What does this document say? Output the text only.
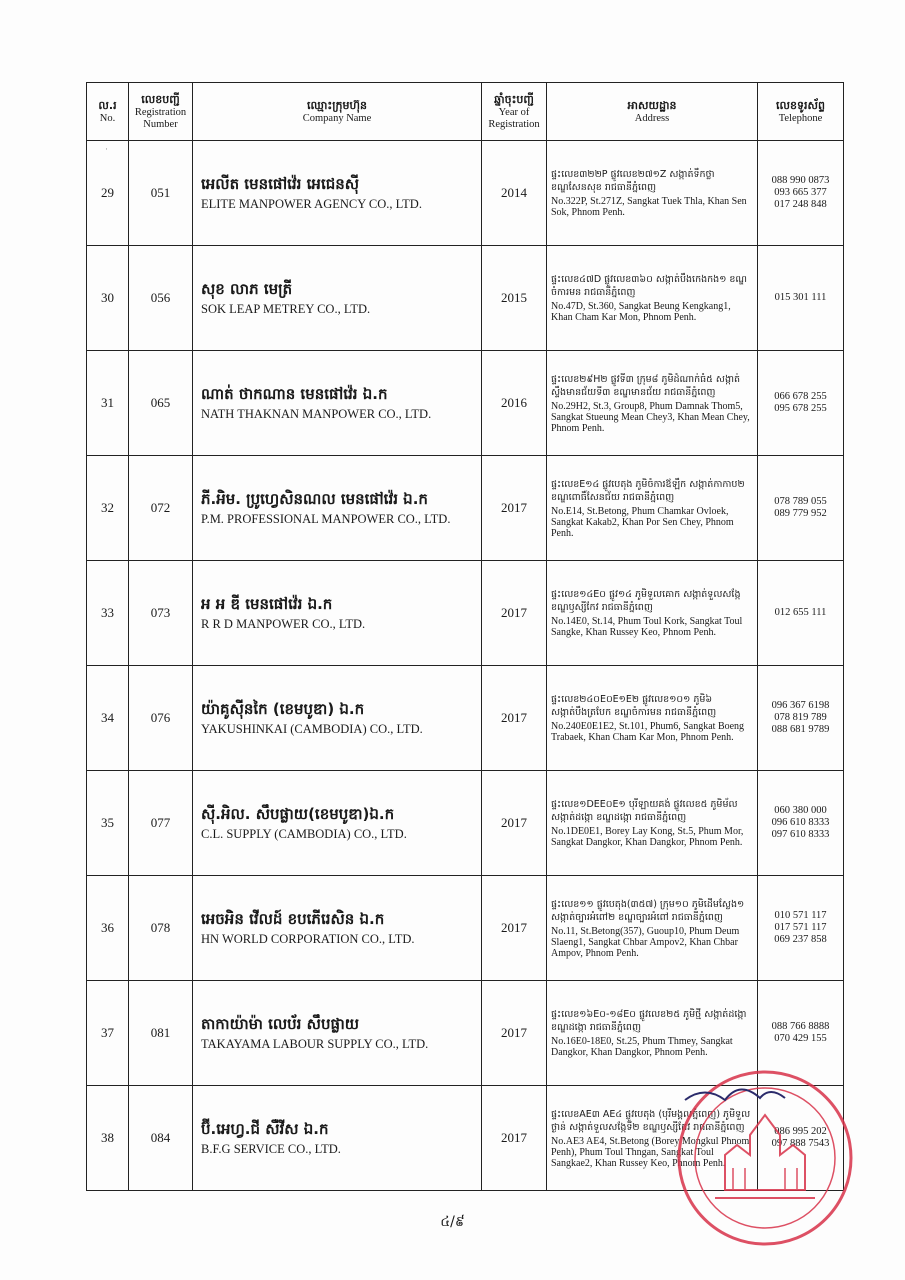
·
ល.រ
No.	លេខបញ្ជី
Registration Number	ឈ្មោះក្រុមហ៊ុន
Company Name	ឆ្នាំចុះបញ្ជី
Year of Registration	អាសយដ្ឋាន
Address	លេខទូរស័ព្ទ
Telephone

29	051	អេលីត មេនផៅវ៉េរ អេជេនស៊ី
ELITE MANPOWER AGENCY CO., LTD.	2014	ផ្ទះលេខ៣២២P ផ្លូវលេខ២៧១Z សង្កាត់ទឹកថ្លា ខណ្ឌសែនសុខ រាជធានីភ្នំពេញ
No.322P, St.271Z, Sangkat Tuek Thla, Khan Sen Sok, Phnom Penh.	088 990 0873
093 665 377
017 248 848

30	056	សុខ លាភ មេត្រី
SOK LEAP METREY CO., LTD.	2015	ផ្ទះលេខ៤៧D ផ្លូវលេខ៣៦០ សង្កាត់បឹងកេងកង១ ខណ្ឌចំការមន រាជធានីភ្នំពេញ
No.47D, St.360, Sangkat Beung Kengkang1, Khan Cham Kar Mon, Phnom Penh.	015 301 111

31	065	ណាត់ ថាកណាន មេនផៅវ៉េរ ឯ.ក
NATH THAKNAN MANPOWER CO., LTD.	2016	ផ្ទះលេខ២៩H២ ផ្លូវទី៣ ក្រុម៨ ភូមិដំណាក់ធំ៥ សង្កាត់ស្ទឹងមានជ័យទី៣ ខណ្ឌមានជ័យ រាជធានីភ្នំពេញ
No.29H2, St.3, Group8, Phum Damnak Thom5, Sangkat Stueung Mean Chey3, Khan Mean Chey, Phnom Penh.	066 678 255
095 678 255

32	072	ភី.អិម. ប្រូហ្វេសិនណល មេនផៅវ៉េរ ឯ.ក
P.M. PROFESSIONAL MANPOWER CO., LTD.	2017	ផ្ទះលេខE១៤ ផ្លូវបេតុង ភូមិចំការឪឡឹក សង្កាត់កាកាប២ ខណ្ឌពោធិ៍សែនជ័យ រាជធានីភ្នំពេញ
No.E14, St.Betong, Phum Chamkar Ovloek, Sangkat Kakab2, Khan Por Sen Chey, Phnom Penh.	078 789 055
089 779 952

33	073	អ អ ឌី មេនផៅវ៉េរ ឯ.ក
R R D MANPOWER CO., LTD.	2017	ផ្ទះលេខ១៤E០ ផ្លូវ១៤ ភូមិទួលគោក សង្កាត់ទួលសង្កែ ខណ្ឌឫស្សីកែវ រាជធានីភ្នំពេញ
No.14E0, St.14, Phum Toul Kork, Sangkat Toul Sangke, Khan Russey Keo, Phnom Penh.	012 655 111

34	076	យ៉ាគូស៊ីនកៃ (ខេមបូឌា) ឯ.ក
YAKUSHINKAI (CAMBODIA) CO., LTD.	2017	ផ្ទះលេខ២៤០E០E១E២ ផ្លូវលេខ១០១ ភូមិ៦ សង្កាត់បឹងត្របែក ខណ្ឌចំការមន រាជធានីភ្នំពេញ
No.240E0E1E2, St.101, Phum6, Sangkat Boeng Trabaek, Khan Cham Kar Mon, Phnom Penh.	096 367 6198
078 819 789
088 681 9789

35	077	ស៊ី.អិល. សឹបផ្លាយ(ខេមបូឌា)ឯ.ក
C.L. SUPPLY (CAMBODIA) CO., LTD.	2017	ផ្ទះលេខ១DEE០E១ បុរីឡាយគង់ ផ្លូវលេខ៥ ភូមិម័ល សង្កាត់ដង្កោ ខណ្ឌដង្កោ រាជធានីភ្នំពេញ
No.1DE0E1, Borey Lay Kong, St.5, Phum Mor, Sangkat Dangkor, Khan Dangkor, Phnom Penh.	060 380 000
096 610 8333
097 610 8333

36	078	អេចអិន វើលដ៍ ខបភើរេសិន ឯ.ក
HN WORLD CORPORATION CO., LTD.	2017	ផ្ទះលេខ១១ ផ្លូវបេតុង(៣៥៧) ក្រុម១០ ភូមិដើមស្លែង១ សង្កាត់ច្បារអំពៅ២ ខណ្ឌច្បារអំពៅ រាជធានីភ្នំពេញ
No.11, St.Betong(357), Guoup10, Phum Deum Slaeng1, Sangkat Chbar Ampov2, Khan Chbar Ampov, Phnom Penh.	010 571 117
017 571 117
069 237 858

37	081	តាកាយ៉ាម៉ា លេប័រ សឹបផ្លាយ
TAKAYAMA LABOUR SUPPLY CO., LTD.	2017	ផ្ទះលេខ១៦E០-១៨E០ ផ្លូវលេខ២៥ ភូមិថ្មី សង្កាត់ដង្កោ ខណ្ឌដង្កោ រាជធានីភ្នំពេញ
No.16E0-18E0, St.25, Phum Thmey, Sangkat Dangkor, Khan Dangkor, Phnom Penh.	088 766 8888
070 429 155

38	084	ប៊ី.អេហ្វ.ជី សឺវីស ឯ.ក
B.F.G SERVICE CO., LTD.	2017	ផ្ទះលេខAE៣ AE៤ ផ្លូវបេតុង (បុរីមង្គលភ្នំពេញ) ភូមិទួលថ្ងាន់ សង្កាត់ទួលសង្កែទី២ ខណ្ឌឫស្សីកែវ រាជធានីភ្នំពេញ
No.AE3 AE4, St.Betong (Borey Mongkul Phnom Penh), Phum Toul Thngan, Sangkat Toul Sangkae2, Khan Russey Keo, Phnom Penh.	086 995 202
097 888 7543
៤/៩
